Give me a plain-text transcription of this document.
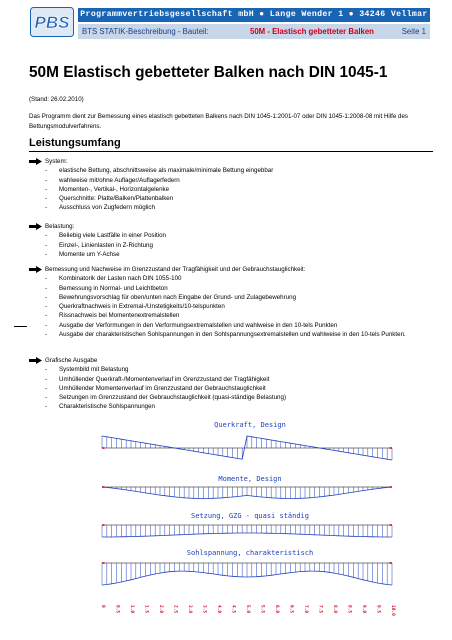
PBS Programmvertriebsgesellschaft mbH ● Lange Wender 1 ● 34246 Vellmar
BTS STATIK-Beschreibung - Bauteil:	50M - Elastisch gebetteter Balken	Seite 1
50M Elastisch gebetteter Balken nach DIN 1045-1
(Stand: 26.02.2010)
Das Programm dient zur Bemessung eines elastisch gebetteten Balkens nach DIN 1045-1:2001-07 oder DIN 1045-1:2008-08 mit Hilfe des Bettungsmodulverfahrens.
Leistungsumfang
System:
- elastische Bettung, abschnittsweise als maximale/minimale Bettung eingebbar
- wahlweise mit/ohne Auflager/Auflagerfedern
- Momenten-, Vertikal-, Horizontalgelenke
- Querschnitte: Platte/Balken/Plattenbalken
- Ausschluss von Zugfedern möglich
Belastung:
- Beliebig viele Lastfälle in einer Position
- Einzel-, Linienlasten in Z-Richtung
- Momente um Y-Achse
Bemessung und Nachweise im Grenzzustand der Tragfähigkeit und der Gebrauchstauglichkeit:
- Kombinatorik der Lasten nach DIN 1055-100
- Bemessung in Normal- und Leichtbeton
- Bewehrungsvorschlag für oben/unten nach Eingabe der Grund- und Zulagebewehrung
- Querkraftnachweis in Extremal-/Unstetigkeits/10-telspunkten
- Rissnachweis bei Momentenextremalstellen
- Ausgabe der Verformungen in den Verformungsextremalstellen und wahlweise in den 10-tels Punkten
- Ausgabe der charakteristischen Sohlspannungen in den Sohlspannungsextremalstellen und wahlweise in den 10-tels Punkten.
Grafische Ausgabe
- Systembild mit Belastung
- Umhüllender Querkraft-/Momentenverlauf im Grenzzustand der Tragfähigkeit
- Umhüllender Momentenverlauf im Grenzzustand der Gebrauchstauglichkeit
- Setzungen im Grenzzustand der Gebrauchstauglichkeit (quasi-ständige Belastung)
- Charakteristische Sohlspannungen
Querkraft, Design
Momente, Design
Setzung, GZG - quasi ständig
Sohlspannung, charakteristisch
0 0.5 1.0 1.5 2.0 2.5 3.0 3.5 4.0 4.5 5.0 5.5 6.0 6.5 7.0 7.5 8.0 8.5 9.0 9.5 10.0
